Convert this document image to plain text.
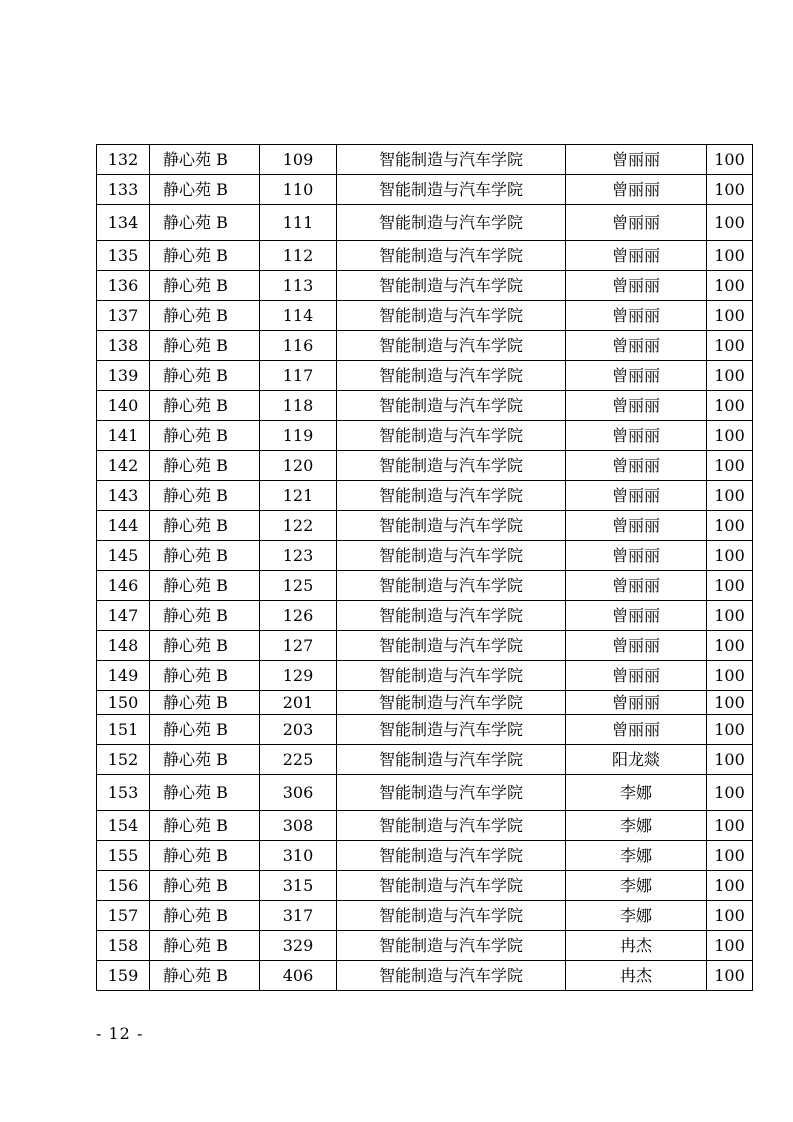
132	静心苑 B	109	智能制造与汽车学院	曾丽丽	100
133	静心苑 B	110	智能制造与汽车学院	曾丽丽	100
134	静心苑 B	111	智能制造与汽车学院	曾丽丽	100
135	静心苑 B	112	智能制造与汽车学院	曾丽丽	100
136	静心苑 B	113	智能制造与汽车学院	曾丽丽	100
137	静心苑 B	114	智能制造与汽车学院	曾丽丽	100
138	静心苑 B	116	智能制造与汽车学院	曾丽丽	100
139	静心苑 B	117	智能制造与汽车学院	曾丽丽	100
140	静心苑 B	118	智能制造与汽车学院	曾丽丽	100
141	静心苑 B	119	智能制造与汽车学院	曾丽丽	100
142	静心苑 B	120	智能制造与汽车学院	曾丽丽	100
143	静心苑 B	121	智能制造与汽车学院	曾丽丽	100
144	静心苑 B	122	智能制造与汽车学院	曾丽丽	100
145	静心苑 B	123	智能制造与汽车学院	曾丽丽	100
146	静心苑 B	125	智能制造与汽车学院	曾丽丽	100
147	静心苑 B	126	智能制造与汽车学院	曾丽丽	100
148	静心苑 B	127	智能制造与汽车学院	曾丽丽	100
149	静心苑 B	129	智能制造与汽车学院	曾丽丽	100
150	静心苑 B	201	智能制造与汽车学院	曾丽丽	100
151	静心苑 B	203	智能制造与汽车学院	曾丽丽	100
152	静心苑 B	225	智能制造与汽车学院	阳龙燚	100
153	静心苑 B	306	智能制造与汽车学院	李娜	100
154	静心苑 B	308	智能制造与汽车学院	李娜	100
155	静心苑 B	310	智能制造与汽车学院	李娜	100
156	静心苑 B	315	智能制造与汽车学院	李娜	100
157	静心苑 B	317	智能制造与汽车学院	李娜	100
158	静心苑 B	329	智能制造与汽车学院	冉杰	100
159	静心苑 B	406	智能制造与汽车学院	冉杰	100
- 12 -
